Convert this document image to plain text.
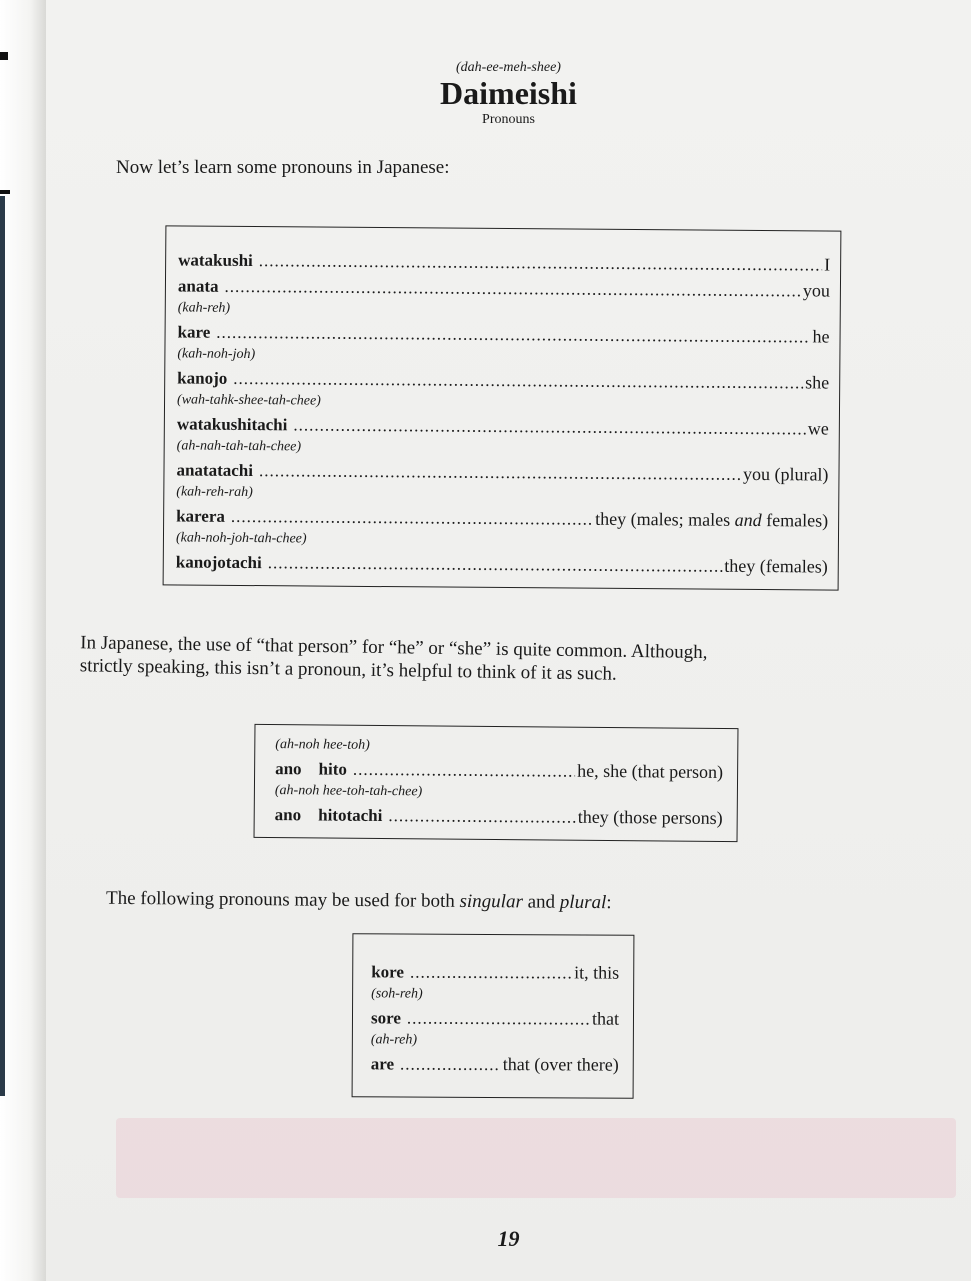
(dah-ee-meh-shee)
Daimeishi
Pronouns
Now let’s learn some pronouns in Japanese:
watakushi .....	I
anata .....	you
(kah-reh)
kare .....	he
(kah-noh-joh)
kanojo .....	she
(wah-tahk-shee-tah-chee)
watakushitachi .....	we
(ah-nah-tah-tah-chee)
anatatachi .....	you (plural)
(kah-reh-rah)
karera .....	they (males; males and females)
(kah-noh-joh-tah-chee)
kanojotachi .....	they (females)
In Japanese, the use of “that person” for “he” or “she” is quite common. Although,
strictly speaking, this isn’t a pronoun, it’s helpful to think of it as such.
(ah-noh hee-toh)
ano    hito .....	he, she (that person)
(ah-noh hee-toh-tah-chee)
ano    hitotachi .....	they (those persons)
The following pronouns may be used for both singular and plural:
kore .....	it, this
(soh-reh)
sore .....	that
(ah-reh)
are .....	that (over there)
19
